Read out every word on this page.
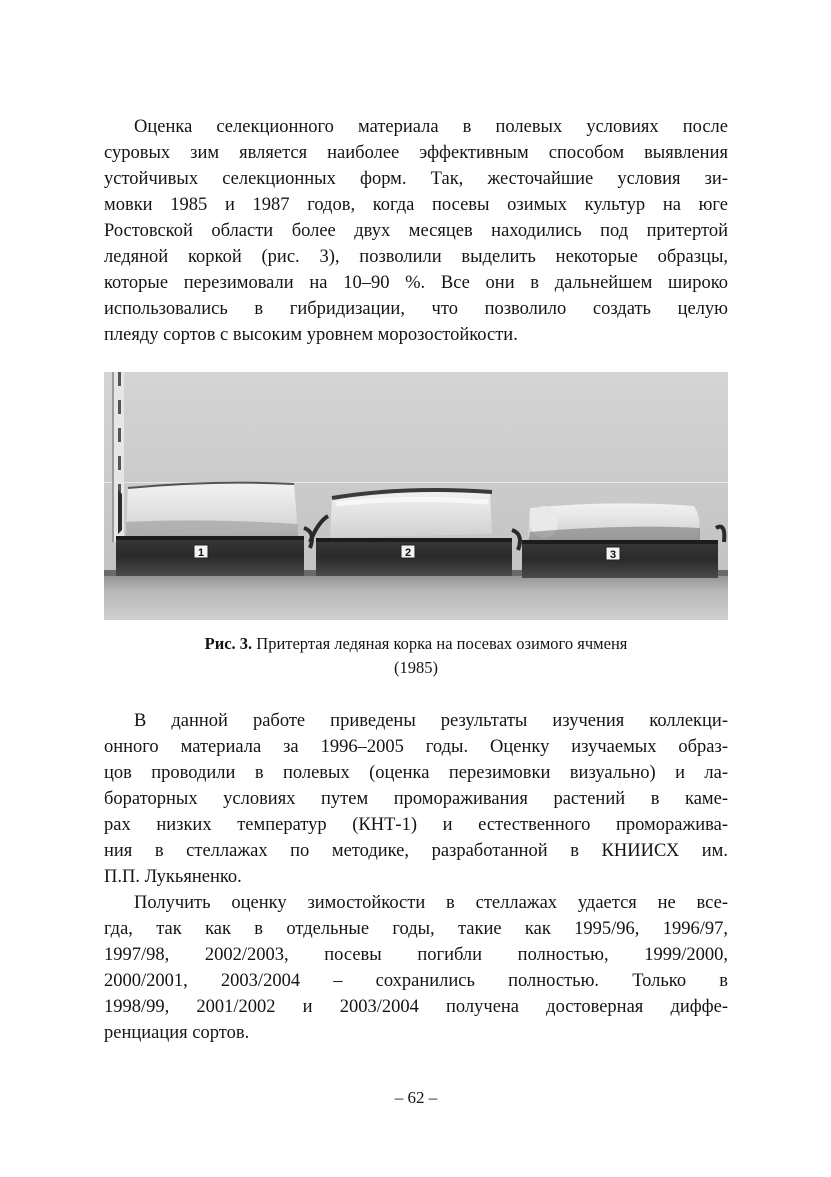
Оценка селекционного материала в полевых условиях после
суровых зим является наиболее эффективным способом выявления
устойчивых селекционных форм. Так, жесточайшие условия зи-
мовки 1985 и 1987 годов, когда посевы озимых культур на юге
Ростовской области более двух месяцев находились под притертой
ледяной коркой (рис. 3), позволили выделить некоторые образцы,
которые перезимовали на 10–90 %. Все они в дальнейшем широко
использовались в гибридизации, что позволило создать целую
плеяду сортов с высоким уровнем морозостойкости.
1	2	3
Рис. 3. Притертая ледяная корка на посевах озимого ячменя
(1985)
В данной работе приведены результаты изучения коллекци-
онного материала за 1996–2005 годы. Оценку изучаемых образ-
цов проводили в полевых (оценка перезимовки визуально) и ла-
бораторных условиях путем промораживания растений в каме-
рах низких температур (КНТ-1) и естественного проморажива-
ния в стеллажах по методике, разработанной в КНИИСХ им.
П.П. Лукьяненко.
Получить оценку зимостойкости в стеллажах удается не все-
гда, так как в отдельные годы, такие как 1995/96, 1996/97,
1997/98, 2002/2003, посевы погибли полностью, 1999/2000,
2000/2001, 2003/2004 – сохранились полностью. Только в
1998/99, 2001/2002 и 2003/2004 получена достоверная диффе-
ренциация сортов.
– 62 –
